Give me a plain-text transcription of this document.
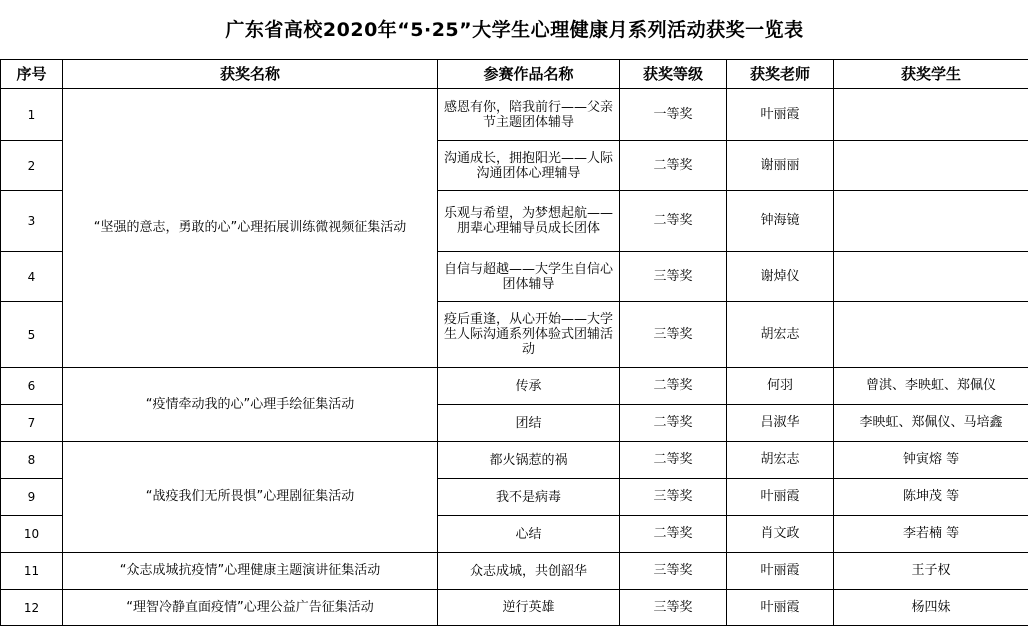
广东省高校2020年“5·25”大学生心理健康月系列活动获奖一览表					
序号	获奖名称	参赛作品名称	获奖等级	获奖老师	获奖学生
1	“坚强的意志，勇敢的心”心理拓展训练微视频征集活动	感恩有你，陪我前行——父亲节主题团体辅导	一等奖	叶丽霞	
2		沟通成长，拥抱阳光——人际沟通团体心理辅导	二等奖	谢丽丽	
3		乐观与希望，为梦想起航——朋辈心理辅导员成长团体	二等奖	钟海镜	
4		自信与超越——大学生自信心团体辅导	三等奖	谢焯仪	
5		疫后重逢，从心开始——大学生人际沟通系列体验式团辅活动	三等奖	胡宏志	
6	“疫情牵动我的心”心理手绘征集活动	传承	二等奖	何羽	曾淇、李映虹、郑佩仪
7		团结	二等奖	吕淑华	李映虹、郑佩仪、马培鑫
8	“战疫我们无所畏惧”心理剧征集活动	都火锅惹的祸	二等奖	胡宏志	钟寅熔 等
9		我不是病毒	三等奖	叶丽霞	陈坤茂 等
10		心结	二等奖	肖文政	李若楠 等
11	“众志成城抗疫情”心理健康主题演讲征集活动	众志成城，共创韶华	三等奖	叶丽霞	王子权
12	“理智冷静直面疫情”心理公益广告征集活动	逆行英雄	三等奖	叶丽霞	杨四妹
